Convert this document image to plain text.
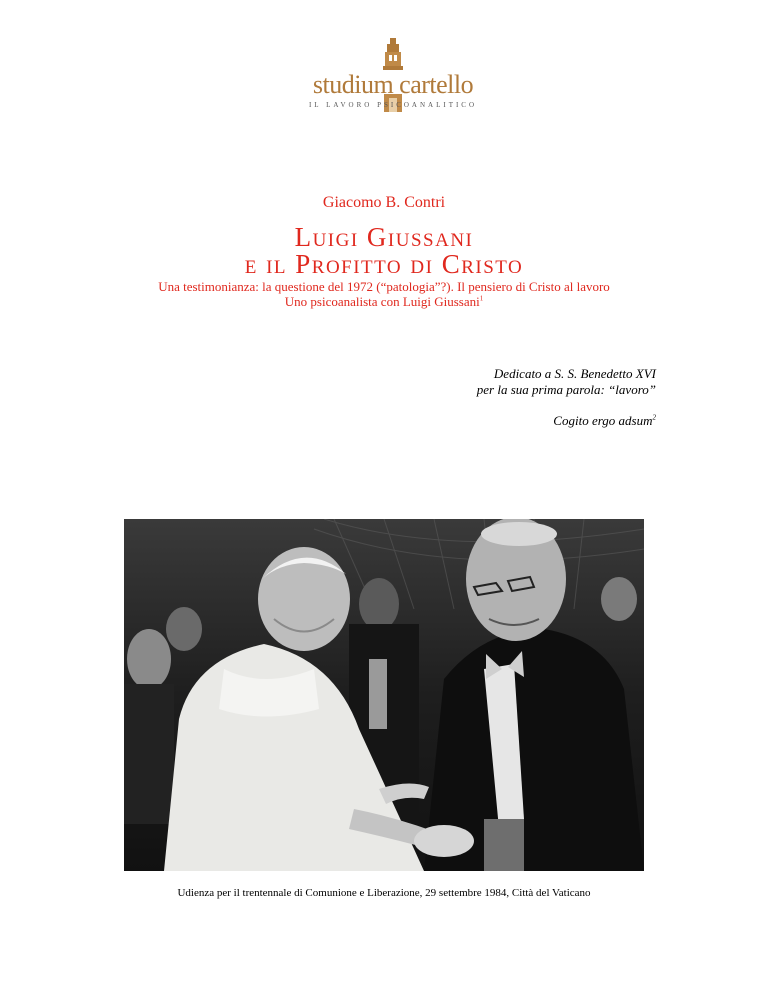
studium cartello
IL LAVORO PSICOANALITICO
Giacomo B. Contri
Luigi Giussani
e il Profitto di Cristo
Una testimonianza: la questione del 1972 (“patologia”?). Il pensiero di Cristo al lavoro
Uno psicoanalista con Luigi Giussani$^1$
Dedicato a S. S. Benedetto XVI
per la sua prima parola: “lavoro”
Cogito ergo adsum$^2$
Udienza per il trentennale di Comunione e Liberazione, 29 settembre 1984, Città del Vaticano
